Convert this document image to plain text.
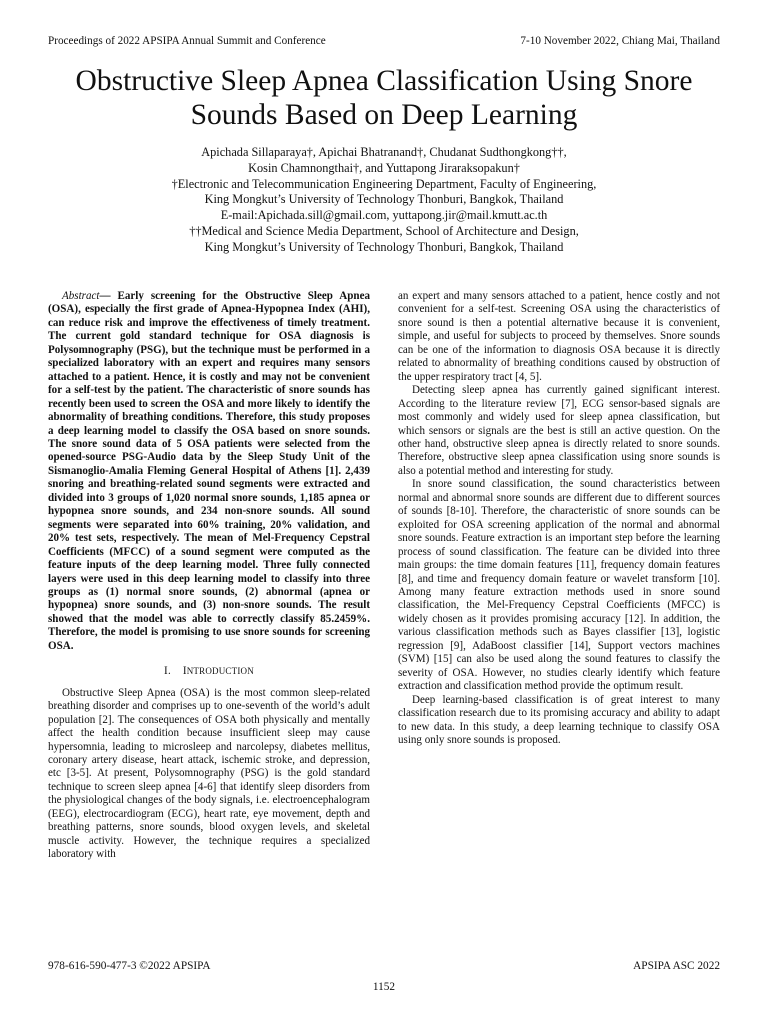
Proceedings of 2022 APSIPA Annual Summit and Conference	7-10 November 2022, Chiang Mai, Thailand
Obstructive Sleep Apnea Classification Using Snore
Sounds Based on Deep Learning
Apichada Sillaparaya†, Apichai Bhatranand†, Chudanat Sudthongkong††,
Kosin Chamnongthai†, and Yuttapong Jiraraksopakun†
†Electronic and Telecommunication Engineering Department, Faculty of Engineering,
King Mongkut’s University of Technology Thonburi, Bangkok, Thailand
E-mail:Apichada.sill@gmail.com, yuttapong.jir@mail.kmutt.ac.th
††Medical and Science Media Department, School of Architecture and Design,
King Mongkut’s University of Technology Thonburi, Bangkok, Thailand

Abstract— Early screening for the Obstructive Sleep Apnea (OSA), especially the first grade of Apnea-Hypopnea Index (AHI), can reduce risk and improve the effectiveness of timely treatment. The current gold standard technique for OSA diagnosis is Polysomnography (PSG), but the technique must be performed in a specialized laboratory with an expert and requires many sensors attached to a patient. Hence, it is costly and may not be convenient for a self-test by the patient. The characteristic of snore sounds has recently been used to screen the OSA and more likely to identify the abnormality of breathing conditions. Therefore, this study proposes a deep learning model to classify the OSA based on snore sounds. The snore sound data of 5 OSA patients were selected from the opened-source PSG-Audio data by the Sleep Study Unit of the Sismanoglio-Amalia Fleming General Hospital of Athens [1]. 2,439 snoring and breathing-related sound segments were extracted and divided into 3 groups of 1,020 normal snore sounds, 1,185 apnea or hypopnea snore sounds, and 234 non-snore sounds. All sound segments were separated into 60% training, 20% validation, and 20% test sets, respectively. The mean of Mel-Frequency Cepstral Coefficients (MFCC) of a sound segment were computed as the feature inputs of the deep learning model. Three fully connected layers were used in this deep learning model to classify into three groups as (1) normal snore sounds, (2) abnormal (apnea or hypopnea) snore sounds, and (3) non-snore sounds. The result showed that the model was able to correctly classify 85.2459%. Therefore, the model is promising to use snore sounds for screening OSA.

I. INTRODUCTION

Obstructive Sleep Apnea (OSA) is the most common sleep-related breathing disorder and comprises up to one-seventh of the world’s adult population [2]. The consequences of OSA both physically and mentally affect the health condition because insufficient sleep may cause hypersomnia, leading to microsleep and narcolepsy, diabetes mellitus, coronary artery disease, heart attack, ischemic stroke, and depression, etc [3-5]. At present, Polysomnography (PSG) is the gold standard technique to screen sleep apnea [4-6] that identify sleep disorders from the physiological changes of the body signals, i.e. electroencephalogram (EEG), electrocardiogram (ECG), heart rate, eye movement, depth and breathing patterns, snore sounds, blood oxygen levels, and skeletal muscle activity. However, the technique requires a specialized laboratory with

an expert and many sensors attached to a patient, hence costly and not convenient for a self-test. Screening OSA using the characteristics of snore sound is then a potential alternative because it is convenient, simple, and useful for subjects to proceed by themselves. Snore sounds can be one of the information to diagnosis OSA because it is directly related to abnormality of breathing conditions caused by obstruction of the upper respiratory tract [4, 5].

Detecting sleep apnea has currently gained significant interest. According to the literature review [7], ECG sensor-based signals are most commonly and widely used for sleep apnea classification, but which sensors or signals are the best is still an active question. On the other hand, obstructive sleep apnea is directly related to snore sounds. Therefore, obstructive sleep apnea classification using snore sounds is also a potential method and interesting for study.

In snore sound classification, the sound characteristics between normal and abnormal snore sounds are different due to different sources of sounds [8-10]. Therefore, the characteristic of snore sounds can be exploited for OSA screening application of the normal and abnormal snore sounds. Feature extraction is an important step before the learning process of sound classification. The feature can be divided into three main groups: the time domain features [11], frequency domain features [8], and time and frequency domain feature or wavelet transform [10]. Among many feature extraction methods used in snore sound classification, the Mel-Frequency Cepstral Coefficients (MFCC) is widely chosen as it provides promising accuracy [12]. In addition, the various classification methods such as Bayes classifier [13], logistic regression [9], AdaBoost classifier [14], Support vectors machines (SVM) [15] can also be used along the sound features to classify the severity of OSA. However, no studies clearly identify which feature extraction and classification method provide the optimum result.

Deep learning-based classification is of great interest to many classification research due to its promising accuracy and ability to adapt to new data. In this study, a deep learning technique to classify OSA using only snore sounds is proposed.

978-616-590-477-3 ©2022 APSIPA	APSIPA ASC 2022
1152
